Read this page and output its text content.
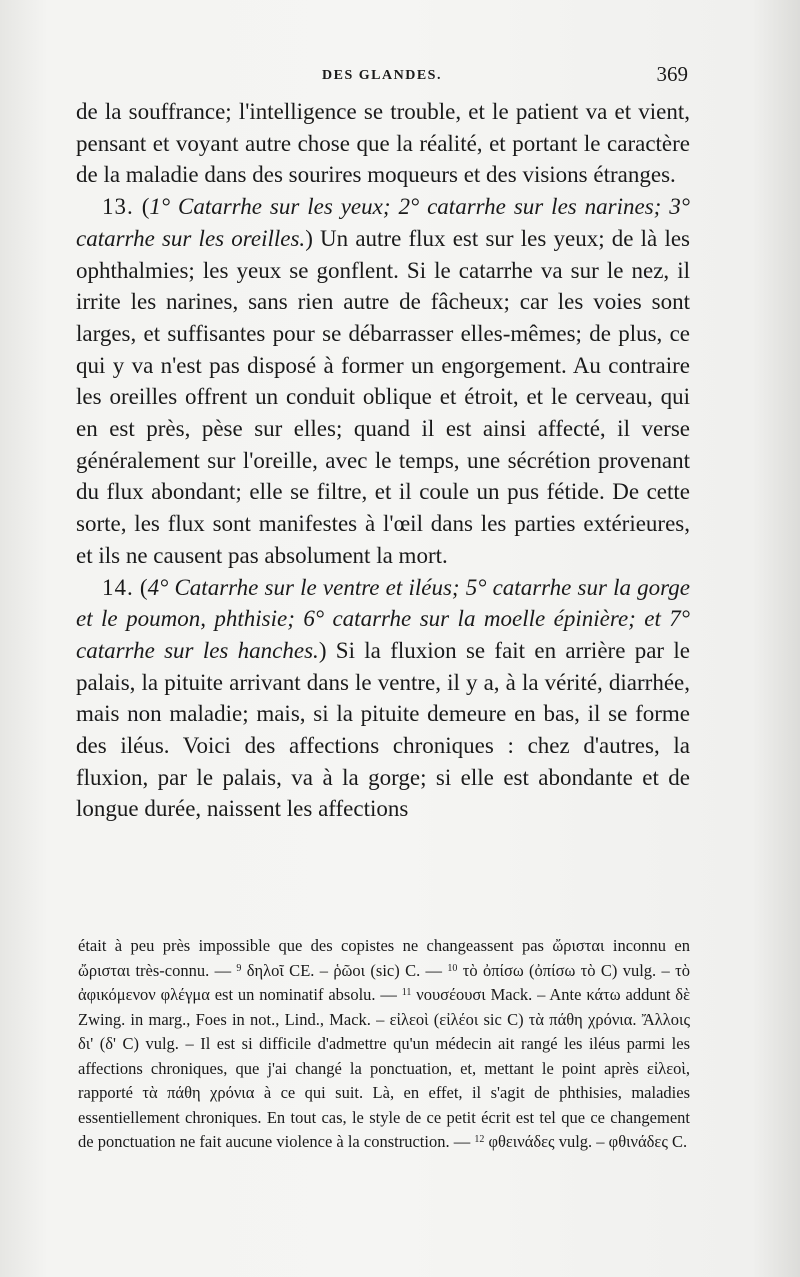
DES GLANDES.	369

de la souffrance; l'intelligence se trouble, et le patient va et vient, pensant et voyant autre chose que la réalité, et portant le caractère de la maladie dans des sourires moqueurs et des visions étranges.

13. (1° Catarrhe sur les yeux; 2° catarrhe sur les narines; 3° catarrhe sur les oreilles.) Un autre flux est sur les yeux; de là les ophthalmies; les yeux se gonflent. Si le catarrhe va sur le nez, il irrite les narines, sans rien autre de fâcheux; car les voies sont larges, et suffisantes pour se débarrasser elles-mêmes; de plus, ce qui y va n'est pas disposé à former un engorgement. Au contraire les oreilles offrent un conduit oblique et étroit, et le cerveau, qui en est près, pèse sur elles; quand il est ainsi affecté, il verse généralement sur l'oreille, avec le temps, une sécrétion provenant du flux abondant; elle se filtre, et il coule un pus fétide. De cette sorte, les flux sont manifestes à l'œil dans les parties extérieures, et ils ne causent pas absolument la mort.

14. (4° Catarrhe sur le ventre et iléus; 5° catarrhe sur la gorge et le poumon, phthisie; 6° catarrhe sur la moelle épinière; et 7° catarrhe sur les hanches.) Si la fluxion se fait en arrière par le palais, la pituite arrivant dans le ventre, il y a, à la vérité, diarrhée, mais non maladie; mais, si la pituite demeure en bas, il se forme des iléus. Voici des affections chroniques : chez d'autres, la fluxion, par le palais, va à la gorge; si elle est abondante et de longue durée, naissent les affections

était à peu près impossible que des copistes ne changeassent pas ὤρισται inconnu en ὤρισται très-connu. — $^9$ δηλοῖ CE. – ῥῶοι (sic) C. — $^{10}$ τὸ ὀπίσω (ὀπίσω τὸ C) vulg. – τὸ ἀφικόμενον φλέγμα est un nominatif absolu. — $^{11}$ νουσέουσι Mack. – Ante κάτω addunt δὲ Zwing. in marg., Foes in not., Lind., Mack. – εἰλεοὶ (εἰλέοι sic C) τὰ πάθη χρόνια. Ἄλλοις δι' (δ' C) vulg. – Il est si difficile d'admettre qu'un médecin ait rangé les iléus parmi les affections chroniques, que j'ai changé la ponctuation, et, mettant le point après εἰλεοὶ, rapporté τὰ πάθη χρόνια à ce qui suit. Là, en effet, il s'agit de phthisies, maladies essentiellement chroniques. En tout cas, le style de ce petit écrit est tel que ce changement de ponctuation ne fait aucune violence à la construction. — $^{12}$ φθεινάδες vulg. – φθινάδες C.
